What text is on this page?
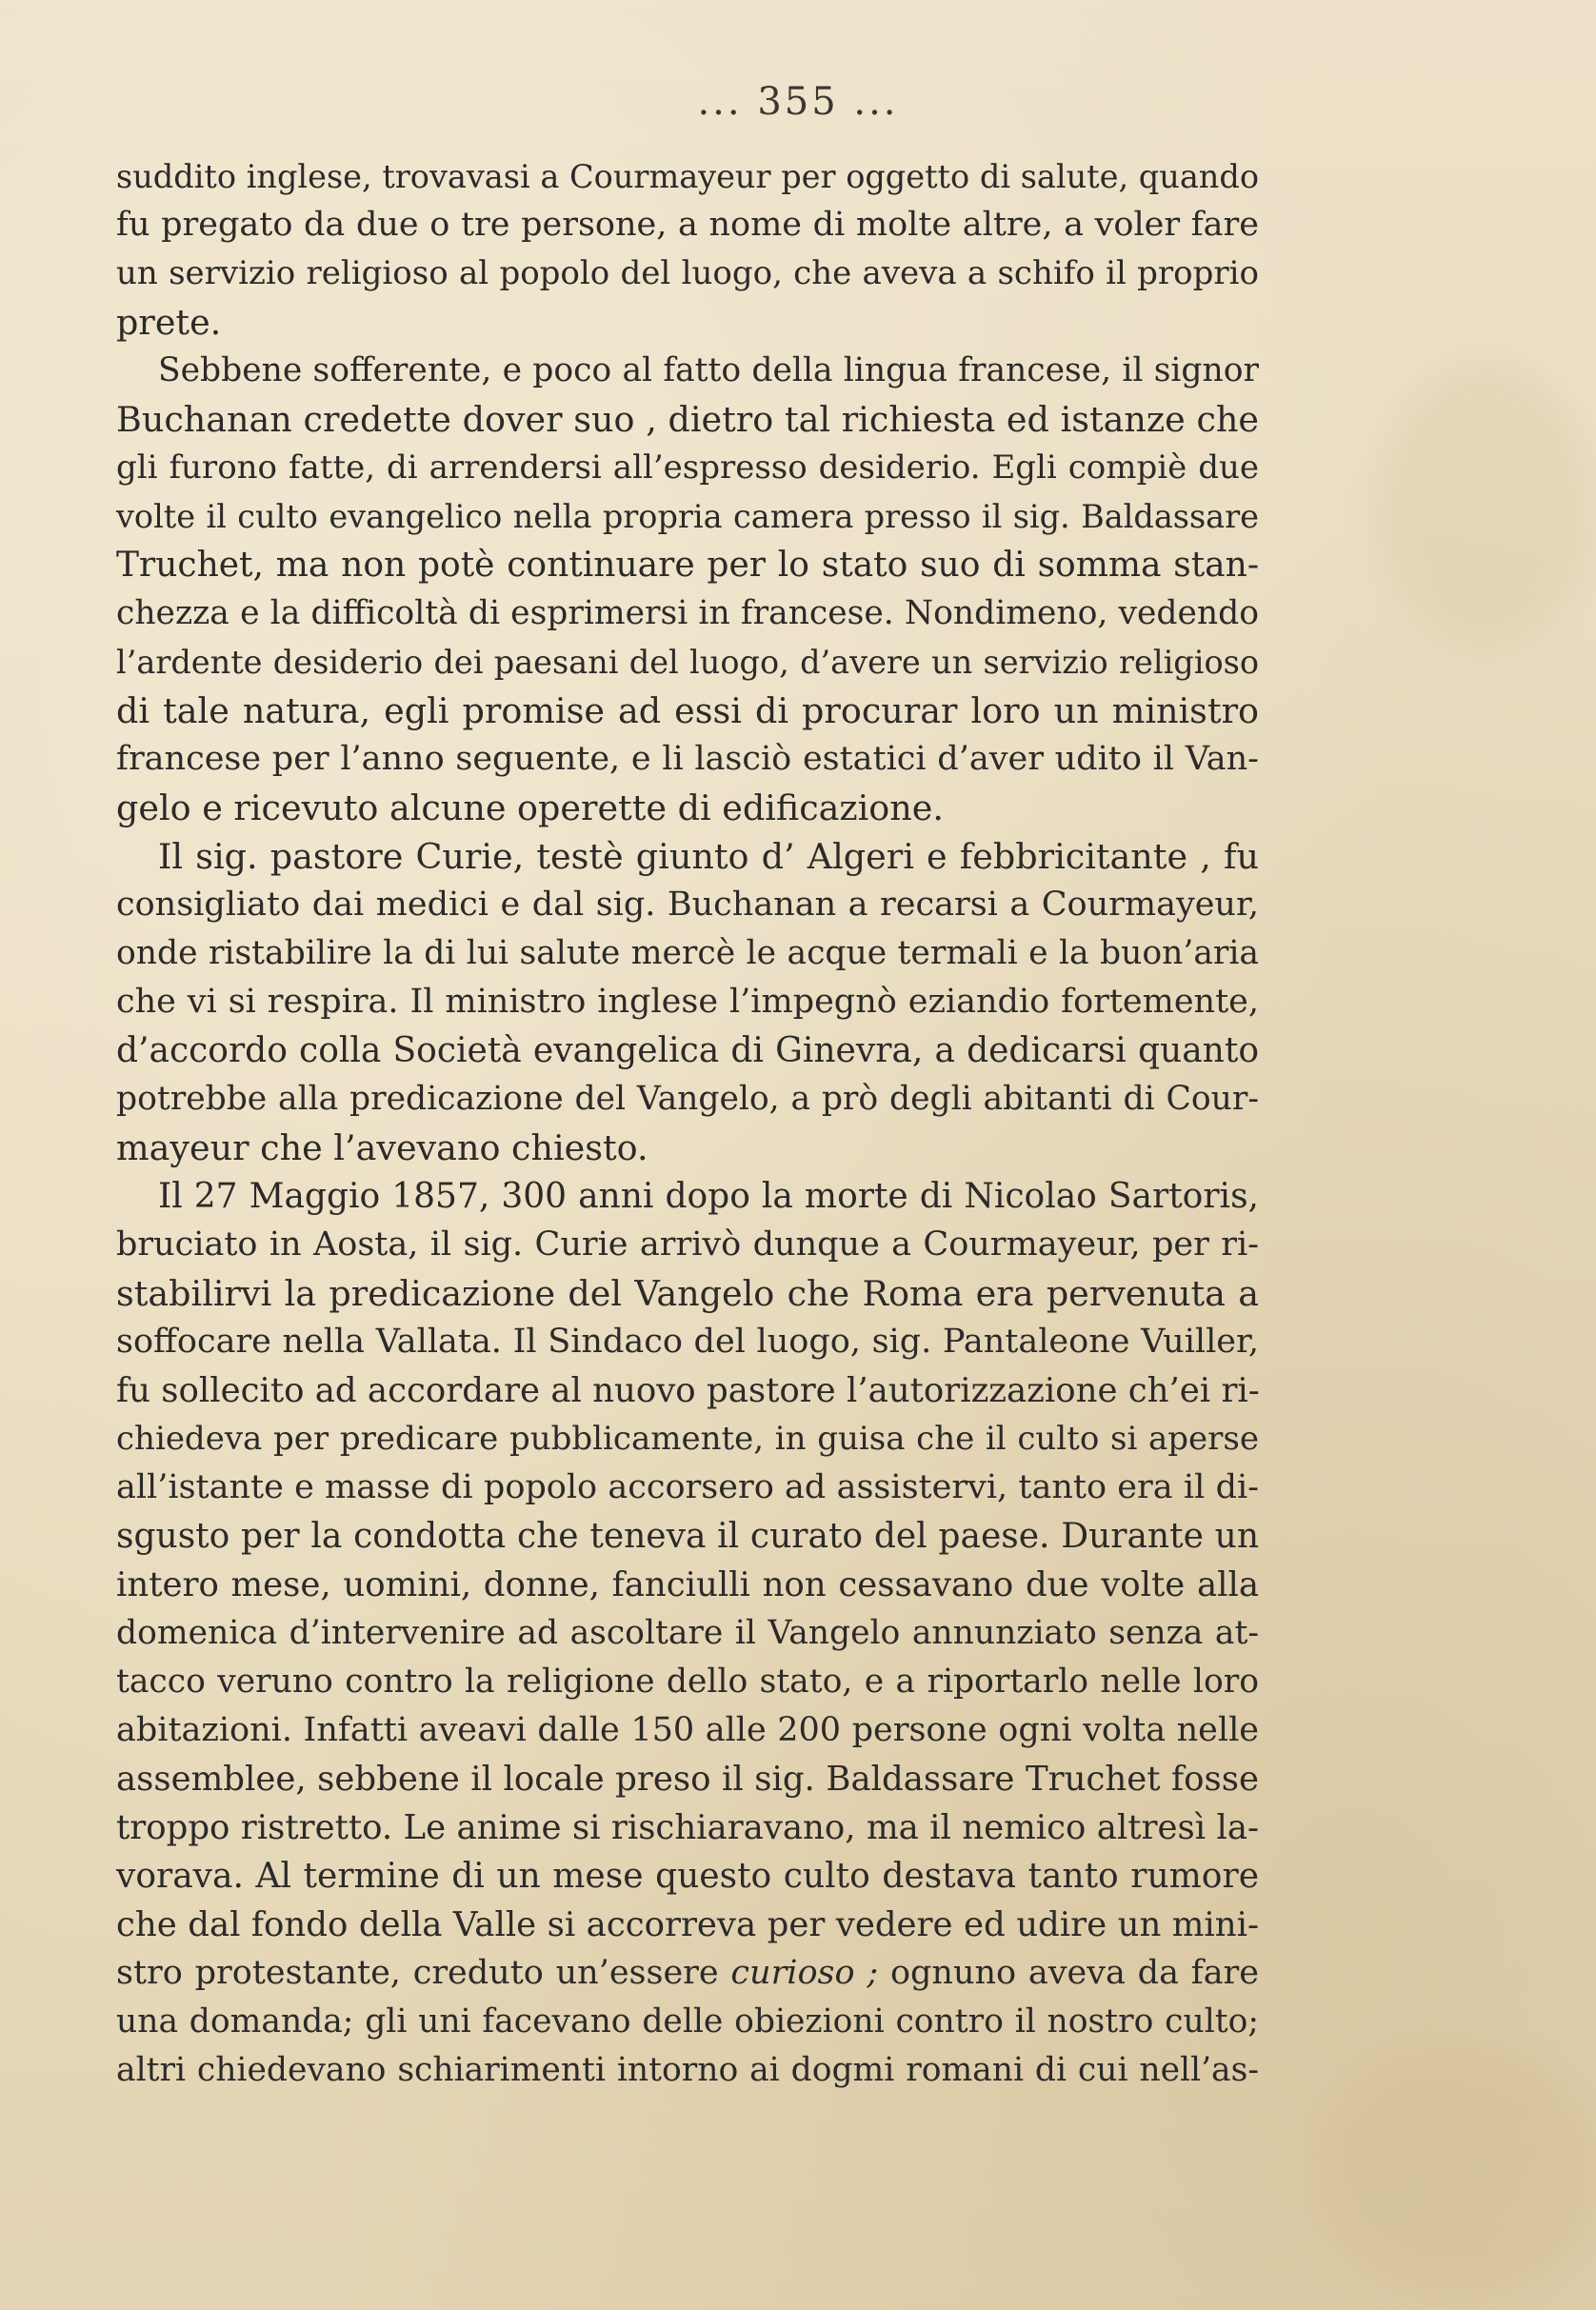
... 355 ...
suddito inglese, trovavasi a Courmayeur per oggetto di salute, quando
fu pregato da due o tre persone, a nome di molte altre, a voler fare
un servizio religioso al popolo del luogo, che aveva a schifo il proprio
prete.
Sebbene sofferente, e poco al fatto della lingua francese, il signor
Buchanan credette dover suo , dietro tal richiesta ed istanze che
gli furono fatte, di arrendersi all’espresso desiderio. Egli compiè due
volte il culto evangelico nella propria camera presso il sig. Baldassare
Truchet, ma non potè continuare per lo stato suo di somma stan-
chezza e la difficoltà di esprimersi in francese. Nondimeno, vedendo
l’ardente desiderio dei paesani del luogo, d’avere un servizio religioso
di tale natura, egli promise ad essi di procurar loro un ministro
francese per l’anno seguente, e li lasciò estatici d’aver udito il Van-
gelo e ricevuto alcune operette di edificazione.
Il sig. pastore Curie, testè giunto d’ Algeri e febbricitante , fu
consigliato dai medici e dal sig. Buchanan a recarsi a Courmayeur,
onde ristabilire la di lui salute mercè le acque termali e la buon’aria
che vi si respira. Il ministro inglese l’impegnò eziandio fortemente,
d’accordo colla Società evangelica di Ginevra, a dedicarsi quanto
potrebbe alla predicazione del Vangelo, a prò degli abitanti di Cour-
mayeur che l’avevano chiesto.
Il 27 Maggio 1857, 300 anni dopo la morte di Nicolao Sartoris,
bruciato in Aosta, il sig. Curie arrivò dunque a Courmayeur, per ri-
stabilirvi la predicazione del Vangelo che Roma era pervenuta a
soffocare nella Vallata. Il Sindaco del luogo, sig. Pantaleone Vuiller,
fu sollecito ad accordare al nuovo pastore l’autorizzazione ch’ei ri-
chiedeva per predicare pubblicamente, in guisa che il culto si aperse
all’istante e masse di popolo accorsero ad assistervi, tanto era il di-
sgusto per la condotta che teneva il curato del paese. Durante un
intero mese, uomini, donne, fanciulli non cessavano due volte alla
domenica d’intervenire ad ascoltare il Vangelo annunziato senza at-
tacco veruno contro la religione dello stato, e a riportarlo nelle loro
abitazioni. Infatti aveavi dalle 150 alle 200 persone ogni volta nelle
assemblee, sebbene il locale preso il sig. Baldassare Truchet fosse
troppo ristretto. Le anime si rischiaravano, ma il nemico altresì la-
vorava. Al termine di un mese questo culto destava tanto rumore
che dal fondo della Valle si accorreva per vedere ed udire un mini-
stro protestante, creduto un’essere curioso ; ognuno aveva da fare
una domanda; gli uni facevano delle obiezioni contro il nostro culto;
altri chiedevano schiarimenti intorno ai dogmi romani di cui nell’as-
